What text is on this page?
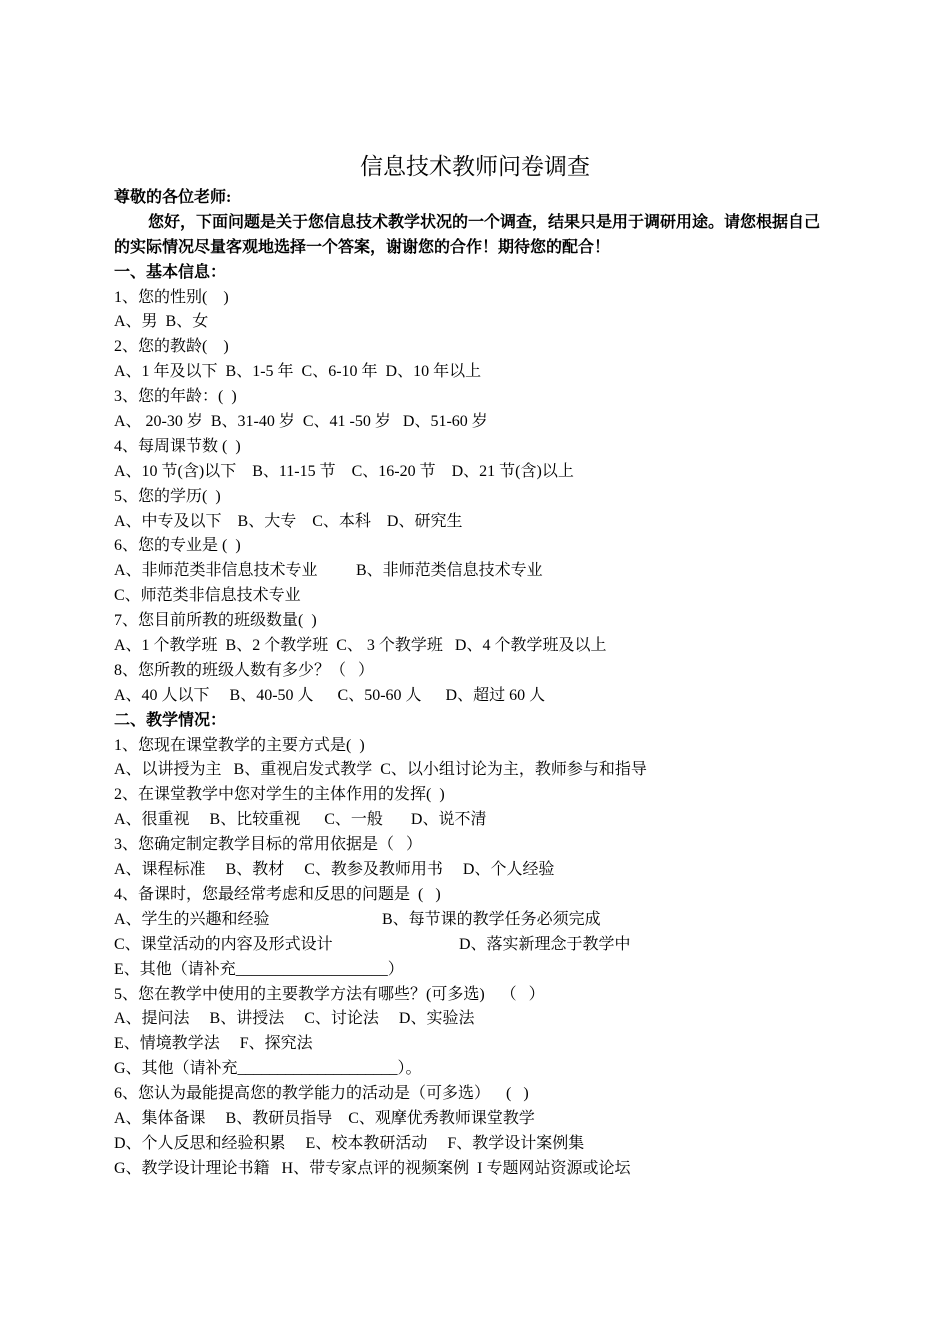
信息技术教师问卷调查
尊敬的各位老师:
您好，下面问题是关于您信息技术教学状况的一个调查，结果只是用于调研用途。请您根据自己
的实际情况尽量客观地选择一个答案，谢谢您的合作！期待您的配合！
一、基本信息：
1、您的性别(    )
A、男  B、女
2、您的教龄(    )
A、1 年及以下  B、1-5 年  C、6-10 年  D、10 年以上
3、您的年龄：(  )
A、 20-30 岁  B、31-40 岁  C、41 -50 岁   D、51-60 岁
4、每周课节数 (  )
A、10 节(含)以下    B、11-15 节    C、16-20 节    D、21 节(含)以上
5、您的学历(  )
A、中专及以下    B、大专    C、本科    D、研究生
6、您的专业是 (  )
A、非师范类非信息技术专业 B、非师范类信息技术专业
C、师范类非信息技术专业
7、您目前所教的班级数量(  )
A、1 个教学班  B、2 个教学班  C、 3 个教学班   D、4 个教学班及以上
8、您所教的班级人数有多少？（   ）
A、40 人以下     B、40-50 人      C、50-60 人      D、超过 60 人
二、教学情况：
1、您现在课堂教学的主要方式是(  )
A、以讲授为主   B、重视启发式教学  C、以小组讨论为主，教师参与和指导
2、在课堂教学中您对学生的主体作用的发挥(  )
A、很重视     B、比较重视      C、一般       D、说不清
3、您确定制定教学目标的常用依据是（   ）
A、课程标准     B、教材     C、教参及教师用书     D、个人经验
4、备课时，您最经常考虑和反思的问题是  (   )
A、学生的兴趣和经验	B、每节课的教学任务必须完成
C、课堂活动的内容及形式设计	D、落实新理念于教学中
E、其他（请补充___________________）
5、您在教学中使用的主要教学方法有哪些？(可多选)    （   ）
A、提问法     B、讲授法     C、讨论法     D、实验法
E、情境教学法     F、探究法
G、其他（请补充____________________）。
6、您认为最能提高您的教学能力的活动是（可多选）    (   )
A、集体备课     B、教研员指导    C、观摩优秀教师课堂教学
D、个人反思和经验积累     E、校本教研活动     F、教学设计案例集
G、教学设计理论书籍   H、带专家点评的视频案例  I 专题网站资源或论坛
